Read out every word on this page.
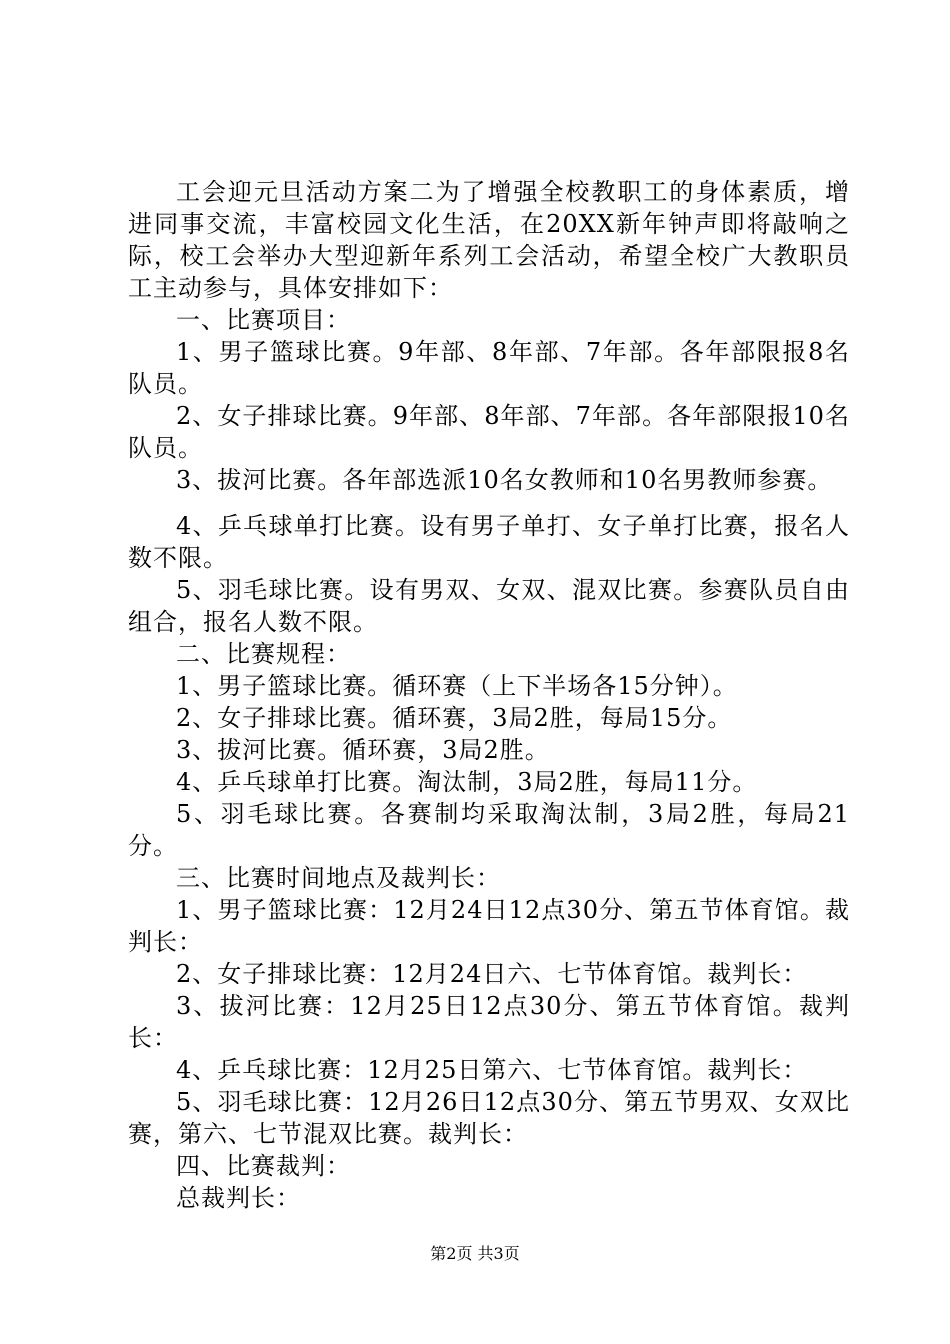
工会迎元旦活动方案二为了增强全校教职工的身体素质，增进同事交流，丰富校园文化生活，在20XX新年钟声即将敲响之际，校工会举办大型迎新年系列工会活动，希望全校广大教职员工主动参与，具体安排如下：

一、比赛项目：

1、男子篮球比赛。9年部、8年部、7年部。各年部限报8名队员。

2、女子排球比赛。9年部、8年部、7年部。各年部限报10名队员。

3、拔河比赛。各年部选派10名女教师和10名男教师参赛。

4、乒乓球单打比赛。设有男子单打、女子单打比赛，报名人数不限。

5、羽毛球比赛。设有男双、女双、混双比赛。参赛队员自由组合，报名人数不限。

二、比赛规程：

1、男子篮球比赛。循环赛（上下半场各15分钟）。

2、女子排球比赛。循环赛，3局2胜，每局15分。

3、拔河比赛。循环赛，3局2胜。

4、乒乓球单打比赛。淘汰制，3局2胜，每局11分。

5、羽毛球比赛。各赛制均采取淘汰制，3局2胜，每局21分。

三、比赛时间地点及裁判长：

1、男子篮球比赛：12月24日12点30分、第五节体育馆。裁判长：

2、女子排球比赛：12月24日六、七节体育馆。裁判长：

3、拔河比赛：12月25日12点30分、第五节体育馆。裁判长：

4、乒乓球比赛：12月25日第六、七节体育馆。裁判长：

5、羽毛球比赛：12月26日12点30分、第五节男双、女双比赛，第六、七节混双比赛。裁判长：

四、比赛裁判：

总裁判长：

第2页 共3页
